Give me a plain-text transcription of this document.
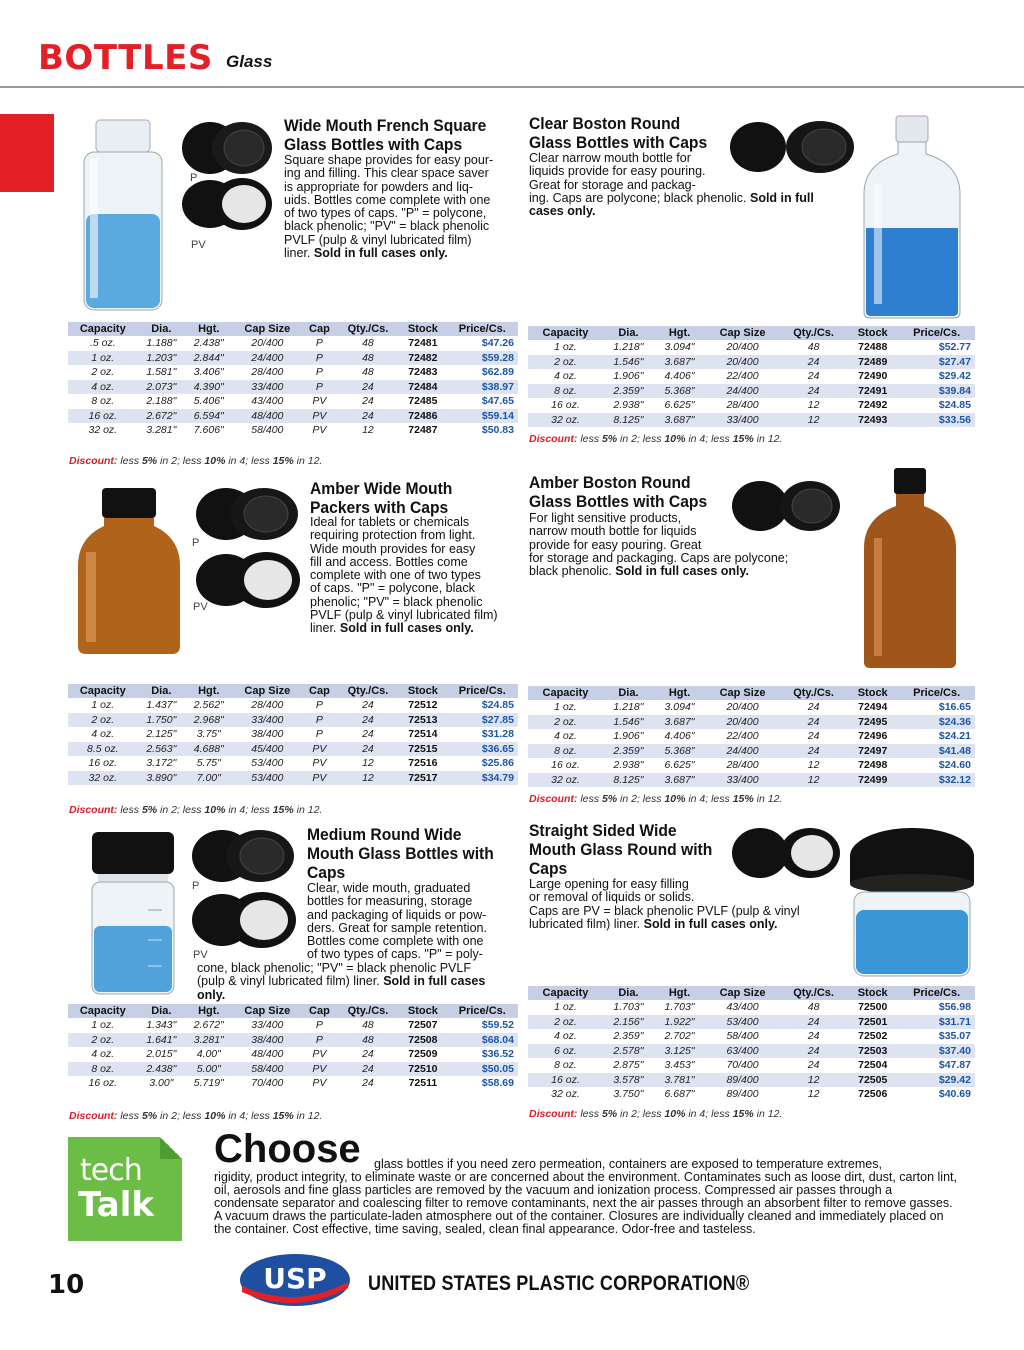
BOTTLES Glass
P
PV
Wide Mouth French Square
Glass Bottles with Caps
Square shape provides for easy pour-
ing and filling. This clear space saver
is appropriate for powders and liq-
uids. Bottles come complete with one
of two types of caps. "P" = polycone,
black phenolic; "PV" = black phenolic
PVLF (pulp & vinyl lubricated film)
liner. Sold in full cases only.
Capacity	Dia.	Hgt.	Cap Size	Cap	Qty./Cs.	Stock	Price/Cs.
.5 oz.	1.188"	2.438"	20/400	P	48	72481	$47.26
1 oz.	1.203"	2.844"	24/400	P	48	72482	$59.28
2 oz.	1.581"	3.406"	28/400	P	48	72483	$62.89
4 oz.	2.073"	4.390"	33/400	P	24	72484	$38.97
8 oz.	2.188"	5.406"	43/400	PV	24	72485	$47.65
16 oz.	2.672"	6.594"	48/400	PV	24	72486	$59.14
32 oz.	3.281"	7.606"	58/400	PV	12	72487	$50.83
Discount: less 5% in 2; less 10% in 4; less 15% in 12.
Clear Boston Round
Glass Bottles with Caps
Clear narrow mouth bottle for
liquids provide for easy pouring.
Great for storage and packag-
ing. Caps are polycone; black phenolic. Sold in full
cases only.
Capacity	Dia.	Hgt.	Cap Size	Qty./Cs.	Stock	Price/Cs.
1 oz.	1.218"	3.094"	20/400	48	72488	$52.77
2 oz.	1.546"	3.687"	20/400	24	72489	$27.47
4 oz.	1.906"	4.406"	22/400	24	72490	$29.42
8 oz.	2.359"	5.368"	24/400	24	72491	$39.84
16 oz.	2.938"	6.625"	28/400	12	72492	$24.85
32 oz.	8.125"	3.687"	33/400	12	72493	$33.56
Discount: less 5% in 2; less 10% in 4; less 15% in 12.
P
PV
Amber Wide Mouth
Packers with Caps
Ideal for tablets or chemicals
requiring protection from light.
Wide mouth provides for easy
fill and access. Bottles come
complete with one of two types
of caps. "P" = polycone, black
phenolic; "PV" = black phenolic
PVLF (pulp & vinyl lubricated film)
liner. Sold in full cases only.
Capacity	Dia.	Hgt.	Cap Size	Cap	Qty./Cs.	Stock	Price/Cs.
1 oz.	1.437"	2.562"	28/400	P	24	72512	$24.85
2 oz.	1.750"	2.968"	33/400	P	24	72513	$27.85
4 oz.	2.125"	3.75"	38/400	P	24	72514	$31.28
8.5 oz.	2.563"	4.688"	45/400	PV	24	72515	$36.65
16 oz.	3.172"	5.75"	53/400	PV	12	72516	$25.86
32 oz.	3.890"	7.00"	53/400	PV	12	72517	$34.79
Discount: less 5% in 2; less 10% in 4; less 15% in 12.
Amber Boston Round
Glass Bottles with Caps
For light sensitive products,
narrow mouth bottle for liquids
provide for easy pouring. Great
for storage and packaging. Caps are polycone;
black phenolic. Sold in full cases only.
Capacity	Dia.	Hgt.	Cap Size	Qty./Cs.	Stock	Price/Cs.
1 oz.	1.218"	3.094"	20/400	24	72494	$16.65
2 oz.	1.546"	3.687"	20/400	24	72495	$24.36
4 oz.	1.906"	4.406"	22/400	24	72496	$24.21
8 oz.	2.359"	5.368"	24/400	24	72497	$41.48
16 oz.	2.938"	6.625"	28/400	12	72498	$24.60
32 oz.	8.125"	3.687"	33/400	12	72499	$32.12
Discount: less 5% in 2; less 10% in 4; less 15% in 12.
P
PV
Medium Round Wide
Mouth Glass Bottles with
Caps
Clear, wide mouth, graduated
bottles for measuring, storage
and packaging of liquids or pow-
ders. Great for sample retention.
Bottles come complete with one
of two types of caps. "P" = poly-
cone, black phenolic; "PV" = black phenolic PVLF
(pulp & vinyl lubricated film) liner. Sold in full cases
only.
Capacity	Dia.	Hgt.	Cap Size	Cap	Qty./Cs.	Stock	Price/Cs.
1 oz.	1.343"	2.672"	33/400	P	48	72507	$59.52
2 oz.	1.641"	3.281"	38/400	P	48	72508	$68.04
4 oz.	2.015"	4.00"	48/400	PV	24	72509	$36.52
8 oz.	2.438"	5.00"	58/400	PV	24	72510	$50.05
16 oz.	3.00"	5.719"	70/400	PV	24	72511	$58.69
Discount: less 5% in 2; less 10% in 4; less 15% in 12.
Straight Sided Wide
Mouth Glass Round with
Caps
Large opening for easy filling
or removal of liquids or solids.
Caps are PV = black phenolic PVLF (pulp & vinyl
lubricated film) liner. Sold in full cases only.
Capacity	Dia.	Hgt.	Cap Size	Qty./Cs.	Stock	Price/Cs.
1 oz.	1.703"	1.703"	43/400	48	72500	$56.98
2 oz.	2.156"	1.922"	53/400	24	72501	$31.71
4 oz.	2.359"	2.702"	58/400	24	72502	$35.07
6 oz.	2.578"	3.125"	63/400	24	72503	$37.40
8 oz.	2.875"	3.453"	70/400	24	72504	$47.87
16 oz.	3.578"	3.781"	89/400	12	72505	$29.42
32 oz.	3.750"	6.687"	89/400	12	72506	$40.69
Discount: less 5% in 2; less 10% in 4; less 15% in 12.
tech
Talk
Choose	glass bottles if you need zero permeation, containers are exposed to temperature extremes,
rigidity, product integrity, to eliminate waste or are concerned about the environment. Contaminates such as loose dirt, dust, carton lint, oil, aerosols and fine glass particles are removed by the vacuum and ionization process. Compressed air passes through a condensate separator and coalescing filter to remove contaminants, next the air passes through an absorbent filter to remove gasses. A vacuum draws the particulate-laden atmosphere out of the container. Closures are individually cleaned and immediately placed on the container. Cost effective, time saving, sealed, clean final appearance. Odor-free and tasteless.
10	USP UNITED STATES PLASTIC CORPORATION®
